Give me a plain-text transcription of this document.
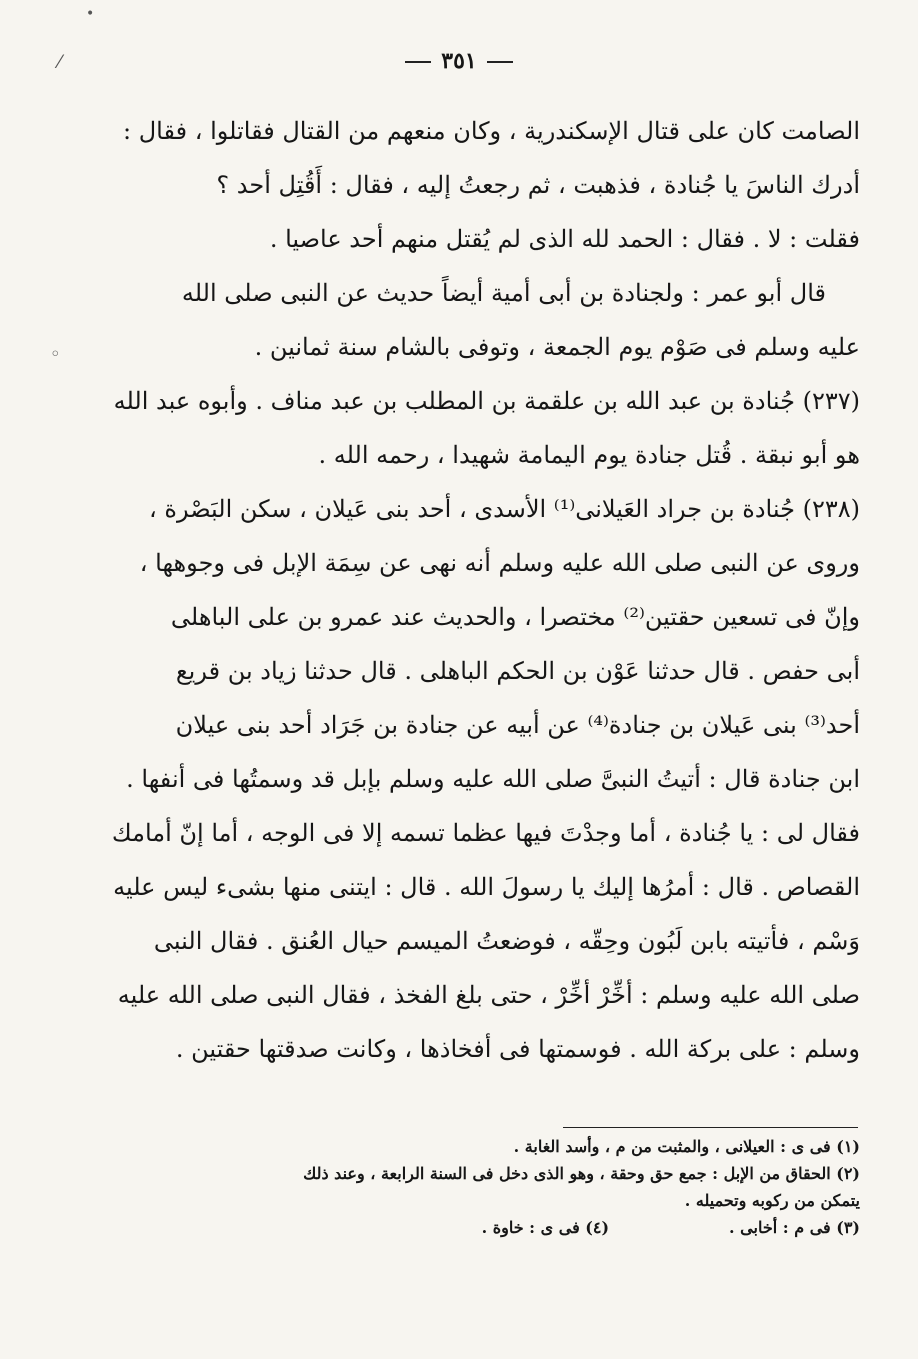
•
⁄
◦
٣٥١

الصامت كان على قتال الإسكندرية ، وكان منعهم من القتال فقاتلوا ، فقال :

أدرك الناسَ يا جُنادة ، فذهبت ، ثم رجعتُ إليه ، فقال : أَقُتِل أحد ؟

فقلت : لا . فقال : الحمد لله الذى لم يُقتل منهم أحد عاصيا .

قال أبو عمر : ولجنادة بن أبى أمية أيضاً حديث عن النبى صلى الله

عليه وسلم فى صَوْم يوم الجمعة ، وتوفى بالشام سنة ثمانين .

(٢٣٧) جُنادة بن عبد الله بن علقمة بن المطلب بن عبد مناف . وأبوه عبد الله

هو أبو نبقة . قُتل جنادة يوم اليمامة شهيدا ، رحمه الله .

(٢٣٨) جُنادة بن جراد العَيلانى⁽¹⁾ الأسدى ، أحد بنى عَيلان ، سكن البَصْرة ،

وروى عن النبى صلى الله عليه وسلم أنه نهى عن سِمَة الإبل فى وجوهها ،

وإنّ فى تسعين حقتين⁽²⁾ مختصرا ، والحديث عند عمرو بن على الباهلى

أبى حفص . قال حدثنا عَوْن بن الحكم الباهلى . قال حدثنا زياد بن قريع

أحد⁽³⁾ بنى عَيلان بن جنادة⁽⁴⁾ عن أبيه عن جنادة بن جَرَاد أحد بنى عيلان

ابن جنادة قال : أتيتُ النبىَّ صلى الله عليه وسلم بإبل قد وسمتُها فى أنفها .

فقال لى : يا جُنادة ، أما وجدْتَ فيها عظما تسمه إلا فى الوجه ، أما إنّ أمامك

القصاص . قال : أمرُها إليك يا رسولَ الله . قال : ايتنى منها بشىء ليس عليه

وَسْم ، فأتيته بابن لَبُون وحِقّه ، فوضعتُ الميسم حيال العُنق . فقال النبى

صلى الله عليه وسلم : أخِّرْ أخِّرْ ، حتى بلغ الفخذ ، فقال النبى صلى الله عليه

وسلم : على بركة الله . فوسمتها فى أفخاذها ، وكانت صدقتها حقتين .

(١) فى ى : العيلانى ، والمثبت من م ، وأسد الغابة .

(٢) الحقاق من الإبل : جمع حق وحقة ، وهو الذى دخل فى السنة الرابعة ، وعند ذلك

يتمكن من ركوبه وتحميله .

(٣) فى م : أخابى .
(٤) فى ى : خاوة .
